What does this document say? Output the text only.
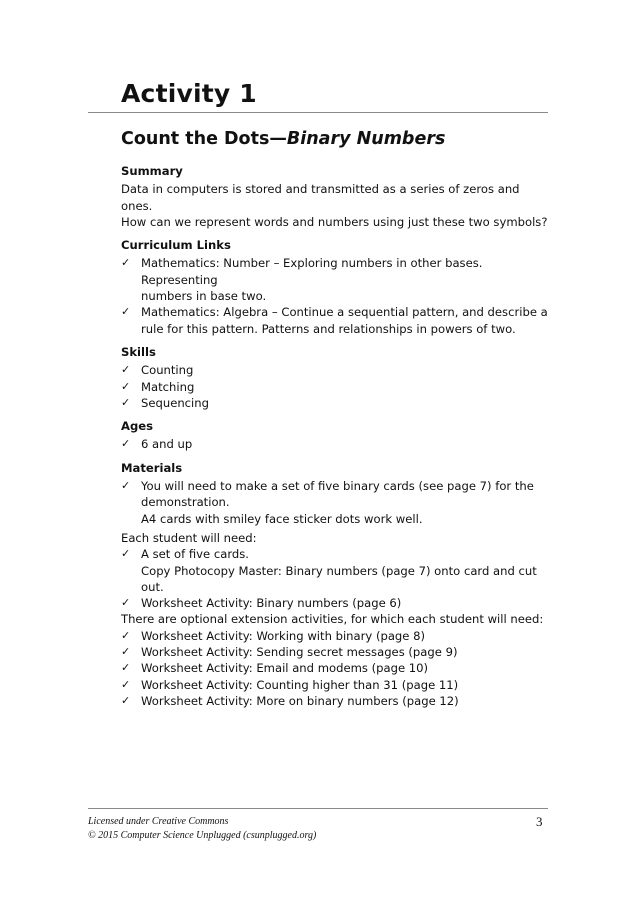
Activity 1
Count the Dots—Binary Numbers
Summary
Data in computers is stored and transmitted as a series of zeros and ones.
How can we represent words and numbers using just these two symbols?
Curriculum Links
✓ Mathematics: Number – Exploring numbers in other bases. Representing
numbers in base two.
✓ Mathematics: Algebra – Continue a sequential pattern, and describe a
rule for this pattern. Patterns and relationships in powers of two.
Skills
✓ Counting
✓ Matching
✓ Sequencing
Ages
✓ 6 and up
Materials
✓ You will need to make a set of five binary cards (see page 7) for the
demonstration.
A4 cards with smiley face sticker dots work well.
Each student will need:
✓ A set of five cards.
Copy Photocopy Master: Binary numbers (page 7) onto card and cut out.
✓ Worksheet Activity: Binary numbers (page 6)
There are optional extension activities, for which each student will need:
✓ Worksheet Activity: Working with binary (page 8)
✓ Worksheet Activity: Sending secret messages (page 9)
✓ Worksheet Activity: Email and modems (page 10)
✓ Worksheet Activity: Counting higher than 31 (page 11)
✓ Worksheet Activity: More on binary numbers (page 12)
Licensed under Creative Commons
© 2015 Computer Science Unplugged (csunplugged.org)
3
